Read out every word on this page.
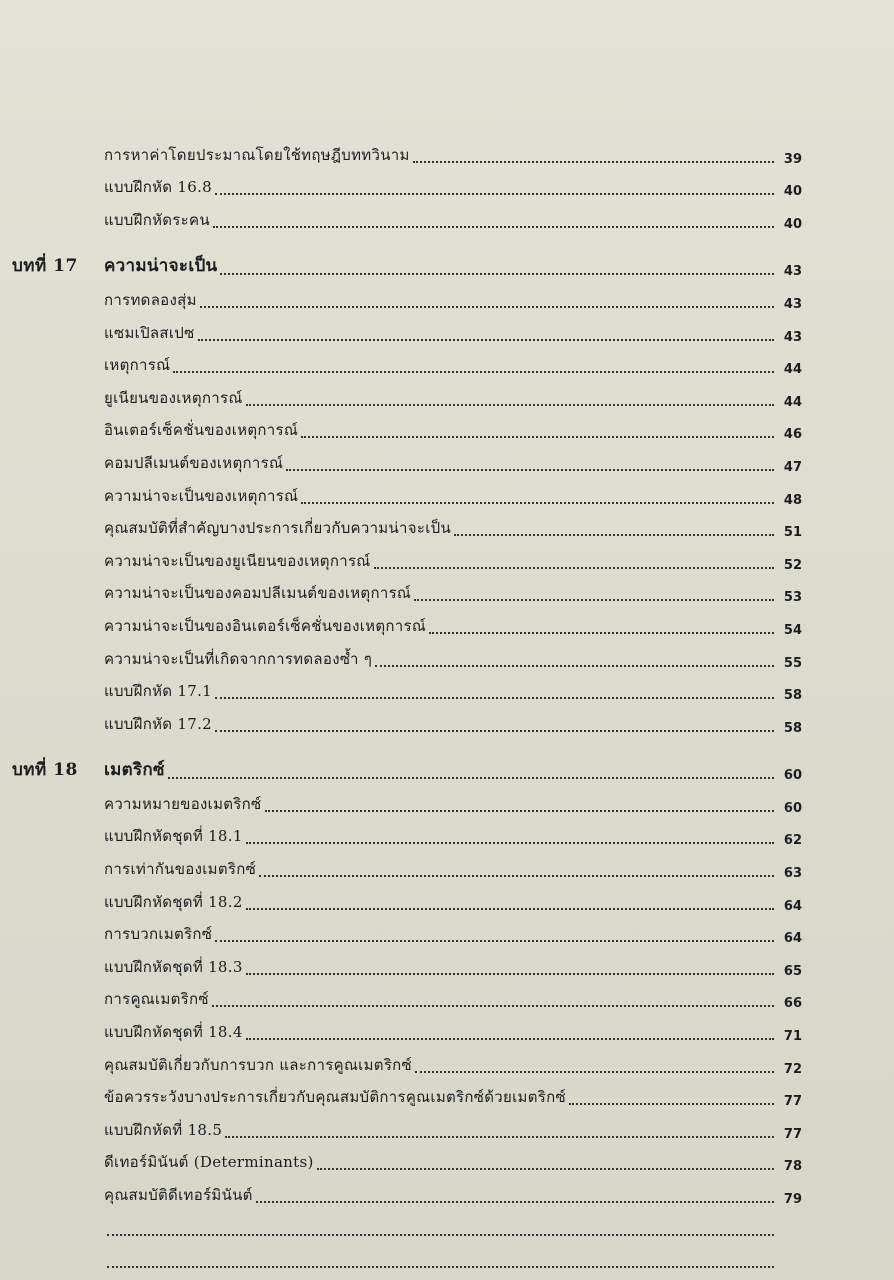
การหาค่าโดยประมาณโดยใช้ทฤษฎีบททวินาม	39
แบบฝึกหัด 16.8	40
แบบฝึกหัดระคน	40
บทที่ 17 ความน่าจะเป็น	43
การทดลองสุ่ม	43
แซมเปิลสเปซ	43
เหตุการณ์	44
ยูเนียนของเหตุการณ์	44
อินเตอร์เซ็คชั่นของเหตุการณ์	46
คอมปลีเมนต์ของเหตุการณ์	47
ความน่าจะเป็นของเหตุการณ์	48
คุณสมบัติที่สำคัญบางประการเกี่ยวกับความน่าจะเป็น	51
ความน่าจะเป็นของยูเนียนของเหตุการณ์	52
ความน่าจะเป็นของคอมปลีเมนต์ของเหตุการณ์	53
ความน่าจะเป็นของอินเตอร์เซ็คชั่นของเหตุการณ์	54
ความน่าจะเป็นที่เกิดจากการทดลองซ้ำ ๆ	55
แบบฝึกหัด 17.1	58
แบบฝึกหัด 17.2	58
บทที่ 18 เมตริกซ์	60
ความหมายของเมตริกซ์	60
แบบฝึกหัดชุดที่ 18.1	62
การเท่ากันของเมตริกซ์	63
แบบฝึกหัดชุดที่ 18.2	64
การบวกเมตริกซ์	64
แบบฝึกหัดชุดที่ 18.3	65
การคูณเมตริกซ์	66
แบบฝึกหัดชุดที่ 18.4	71
คุณสมบัติเกี่ยวกับการบวก และการคูณเมตริกซ์	72
ข้อควรระวังบางประการเกี่ยวกับคุณสมบัติการคูณเมตริกซ์ด้วยเมตริกซ์	77
แบบฝึกหัดที่ 18.5	77
ดีเทอร์มินันต์ (Determinants)	78
คุณสมบัติดีเทอร์มินันต์	79
